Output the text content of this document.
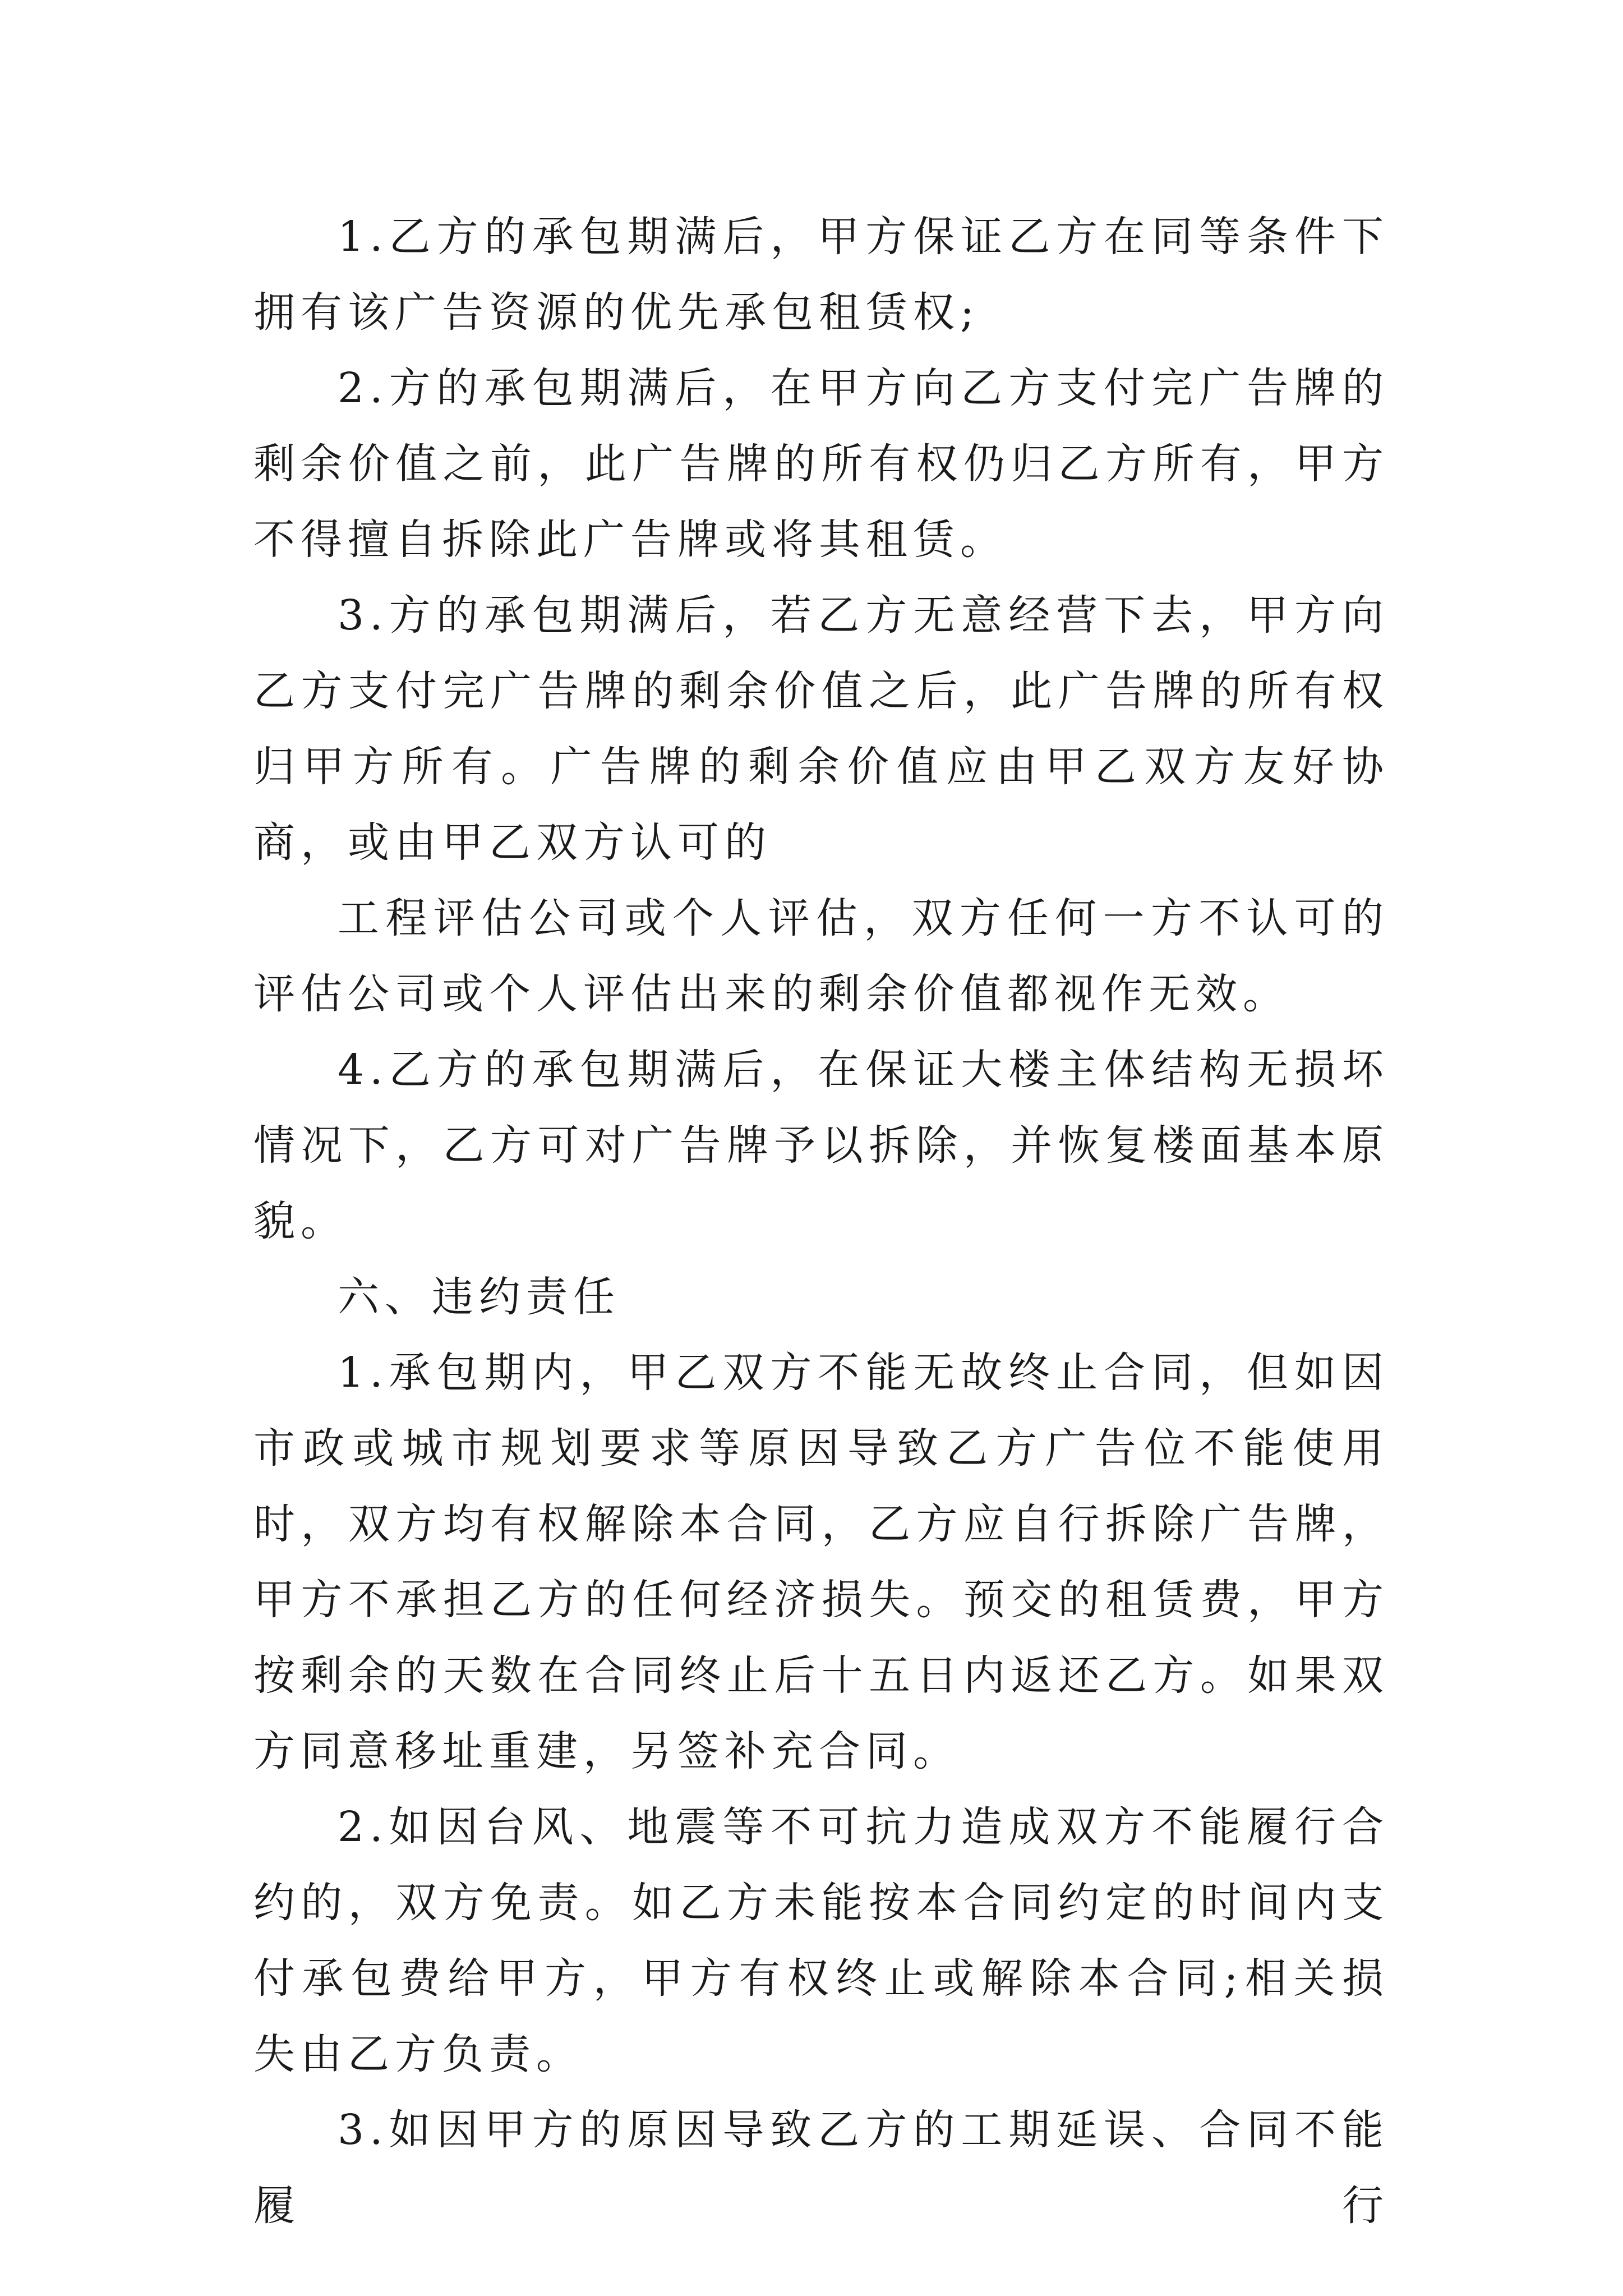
1.乙方的承包期满后，甲方保证乙方在同等条件下拥有该广告资源的优先承包租赁权;

2.方的承包期满后，在甲方向乙方支付完广告牌的剩余价值之前，此广告牌的所有权仍归乙方所有，甲方不得擅自拆除此广告牌或将其租赁。

3.方的承包期满后，若乙方无意经营下去，甲方向乙方支付完广告牌的剩余价值之后，此广告牌的所有权归甲方所有。广告牌的剩余价值应由甲乙双方友好协商，或由甲乙双方认可的

工程评估公司或个人评估，双方任何一方不认可的评估公司或个人评估出来的剩余价值都视作无效。

4.乙方的承包期满后，在保证大楼主体结构无损坏情况下，乙方可对广告牌予以拆除，并恢复楼面基本原貌。

六、违约责任

1.承包期内，甲乙双方不能无故终止合同，但如因市政或城市规划要求等原因导致乙方广告位不能使用时，双方均有权解除本合同，乙方应自行拆除广告牌，甲方不承担乙方的任何经济损失。预交的租赁费，甲方按剩余的天数在合同终止后十五日内返还乙方。如果双方同意移址重建，另签补充合同。

2.如因台风、地震等不可抗力造成双方不能履行合约的，双方免责。如乙方未能按本合同约定的时间内支付承包费给甲方，甲方有权终止或解除本合同;相关损失由乙方负责。

3.如因甲方的原因导致乙方的工期延误、合同不能履行
